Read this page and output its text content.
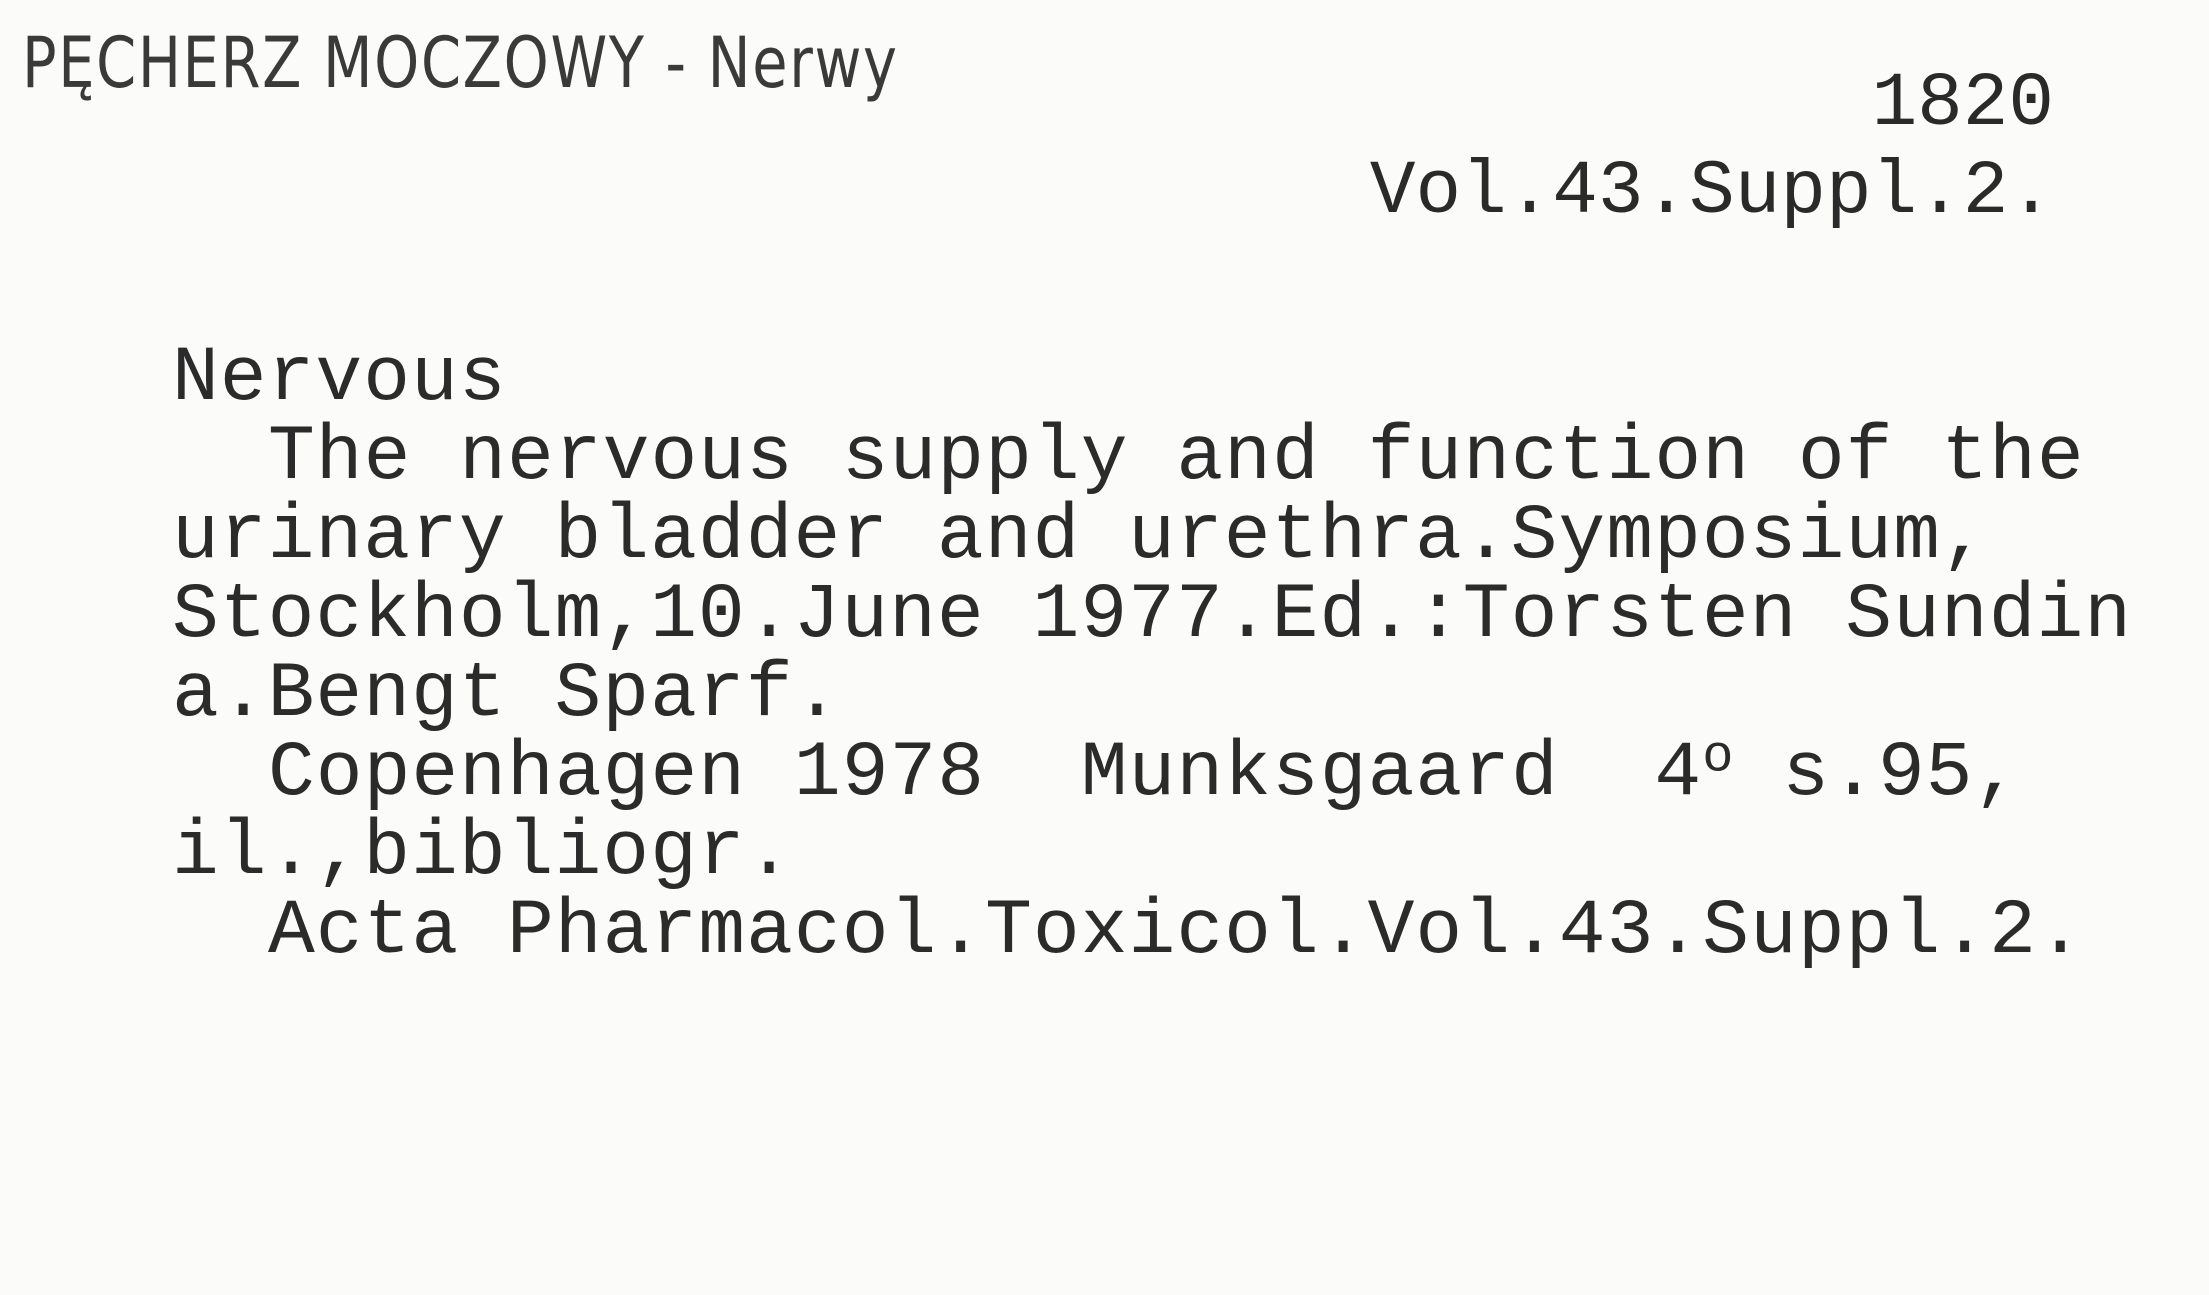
PĘCHERZ MOCZOWY - Nerwy	1820
Vol.43.Suppl.2.
Nervous
The nervous supply and function of the
urinary bladder and urethra.Symposium,
Stockholm,10.June 1977.Ed.:Torsten Sundin
a.Bengt Sparf.
Copenhagen 1978  Munksgaard  4$^o$ s.95,
il.,bibliogr.
Acta Pharmacol.Toxicol.Vol.43.Suppl.2.
